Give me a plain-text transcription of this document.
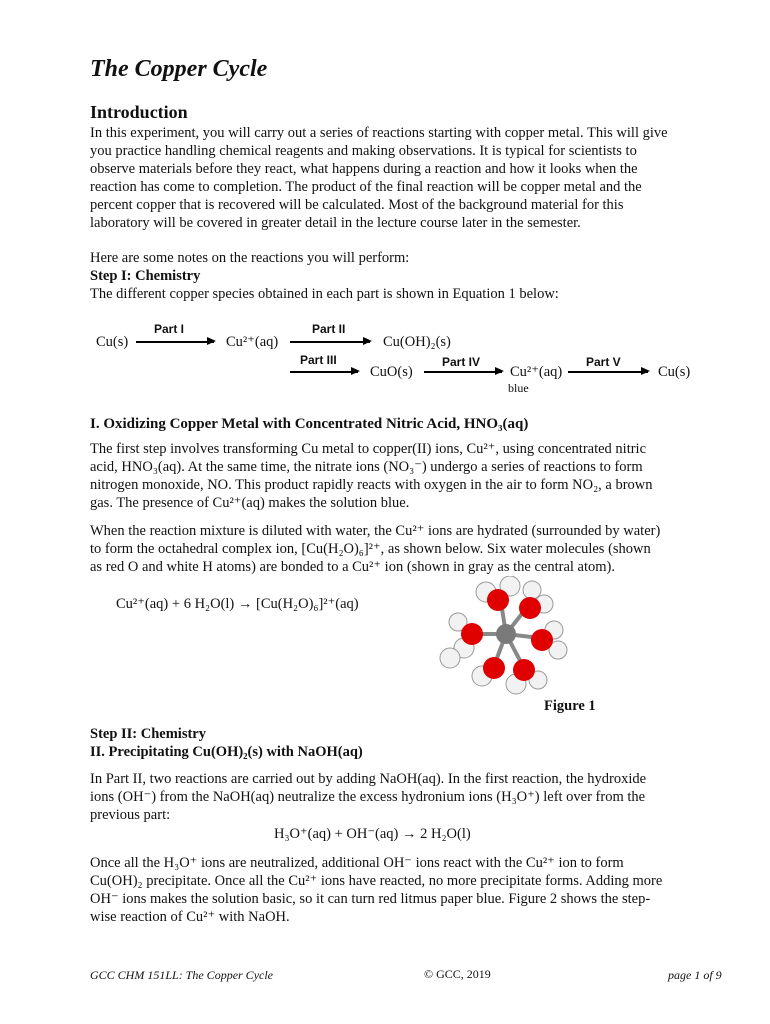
The Copper Cycle
Introduction
In this experiment, you will carry out a series of reactions starting with copper metal. This will give
you practice handling chemical reagents and making observations. It is typical for scientists to
observe materials before they react, what happens during a reaction and how it looks when the
reaction has come to completion. The product of the final reaction will be copper metal and the
percent copper that is recovered will be calculated. Most of the background material for this
laboratory will be covered in greater detail in the lecture course later in the semester.
Here are some notes on the reactions you will perform:
Step I: Chemistry
The different copper species obtained in each part is shown in Equation 1 below:
Cu(s)
Part I
Cu²⁺(aq)
Part II
Cu(OH)₂(s)
Part III
CuO(s)
Part IV
Cu²⁺(aq)
blue
Part V
Cu(s)
I. Oxidizing Copper Metal with Concentrated Nitric Acid, HNO₃(aq)
The first step involves transforming Cu metal to copper(II) ions, Cu²⁺, using concentrated nitric
acid, HNO₃(aq). At the same time, the nitrate ions (NO₃⁻) undergo a series of reactions to form
nitrogen monoxide, NO. This product rapidly reacts with oxygen in the air to form NO₂, a brown
gas. The presence of Cu²⁺(aq) makes the solution blue.
When the reaction mixture is diluted with water, the Cu²⁺ ions are hydrated (surrounded by water)
to form the octahedral complex ion, [Cu(H₂O)₆]²⁺, as shown below. Six water molecules (shown
as red O and white H atoms) are bonded to a Cu²⁺ ion (shown in gray as the central atom).
Cu²⁺(aq) + 6 H₂O(l) → [Cu(H₂O)₆]²⁺(aq)
Figure 1
Step II: Chemistry
II. Precipitating Cu(OH)₂(s) with NaOH(aq)
In Part II, two reactions are carried out by adding NaOH(aq). In the first reaction, the hydroxide
ions (OH⁻) from the NaOH(aq) neutralize the excess hydronium ions (H₃O⁺) left over from the
previous part:
H₃O⁺(aq) + OH⁻(aq) → 2 H₂O(l)
Once all the H₃O⁺ ions are neutralized, additional OH⁻ ions react with the Cu²⁺ ion to form
Cu(OH)₂ precipitate. Once all the Cu²⁺ ions have reacted, no more precipitate forms. Adding more
OH⁻ ions makes the solution basic, so it can turn red litmus paper blue. Figure 2 shows the step-
wise reaction of Cu²⁺ with NaOH.
GCC CHM 151LL: The Copper Cycle	© GCC, 2019	page 1 of 9
